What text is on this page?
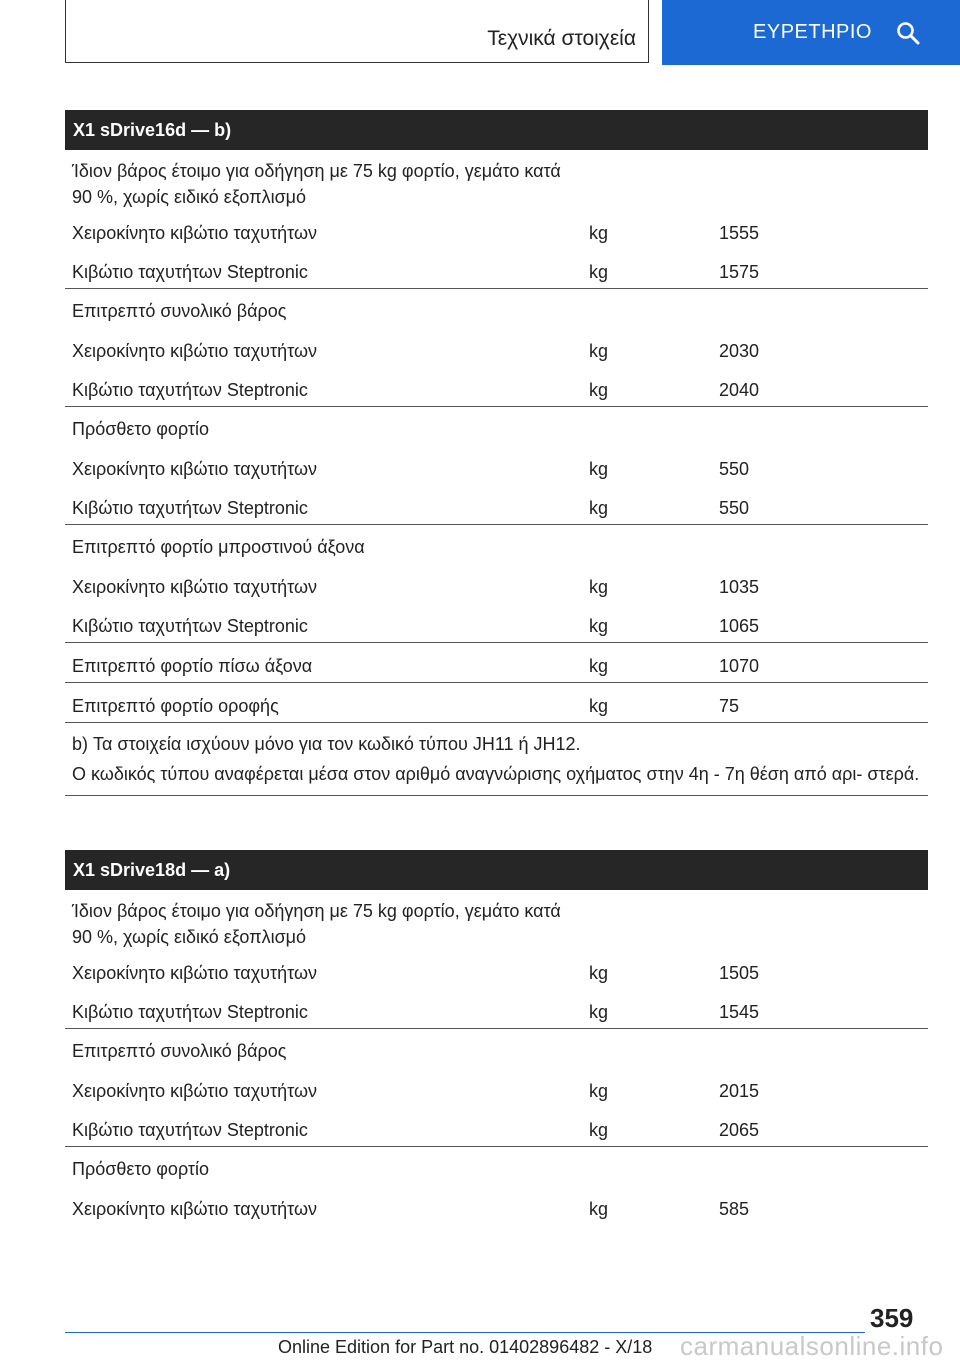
Τεχνικά στοιχεία	ΕΥΡΕΤΗΡΙΟ
X1 sDrive16d — b)
Ίδιον βάρος έτοιμο για οδήγηση με 75 kg φορτίο, γεμάτο κατά 90 %, χωρίς ειδικό εξοπλισμό
Χειροκίνητο κιβώτιο ταχυτήτων	kg	1555
Κιβώτιο ταχυτήτων Steptronic	kg	1575
Επιτρεπτό συνολικό βάρος
Χειροκίνητο κιβώτιο ταχυτήτων	kg	2030
Κιβώτιο ταχυτήτων Steptronic	kg	2040
Πρόσθετο φορτίο
Χειροκίνητο κιβώτιο ταχυτήτων	kg	550
Κιβώτιο ταχυτήτων Steptronic	kg	550
Επιτρεπτό φορτίο μπροστινού άξονα
Χειροκίνητο κιβώτιο ταχυτήτων	kg	1035
Κιβώτιο ταχυτήτων Steptronic	kg	1065
Επιτρεπτό φορτίο πίσω άξονα	kg	1070
Επιτρεπτό φορτίο οροφής	kg	75

b) Τα στοιχεία ισχύουν μόνο για τον κωδικό τύπου JH11 ή JH12.

Ο κωδικός τύπου αναφέρεται μέσα στον αριθμό αναγνώρισης οχήματος στην 4η - 7η θέση από αρι- στερά.

X1 sDrive18d — a)
Ίδιον βάρος έτοιμο για οδήγηση με 75 kg φορτίο, γεμάτο κατά 90 %, χωρίς ειδικό εξοπλισμό
Χειροκίνητο κιβώτιο ταχυτήτων	kg	1505
Κιβώτιο ταχυτήτων Steptronic	kg	1545
Επιτρεπτό συνολικό βάρος
Χειροκίνητο κιβώτιο ταχυτήτων	kg	2015
Κιβώτιο ταχυτήτων Steptronic	kg	2065
Πρόσθετο φορτίο
Χειροκίνητο κιβώτιο ταχυτήτων	kg	585
359
Online Edition for Part no. 01402896482 - X/18 carmanualsonline.info
